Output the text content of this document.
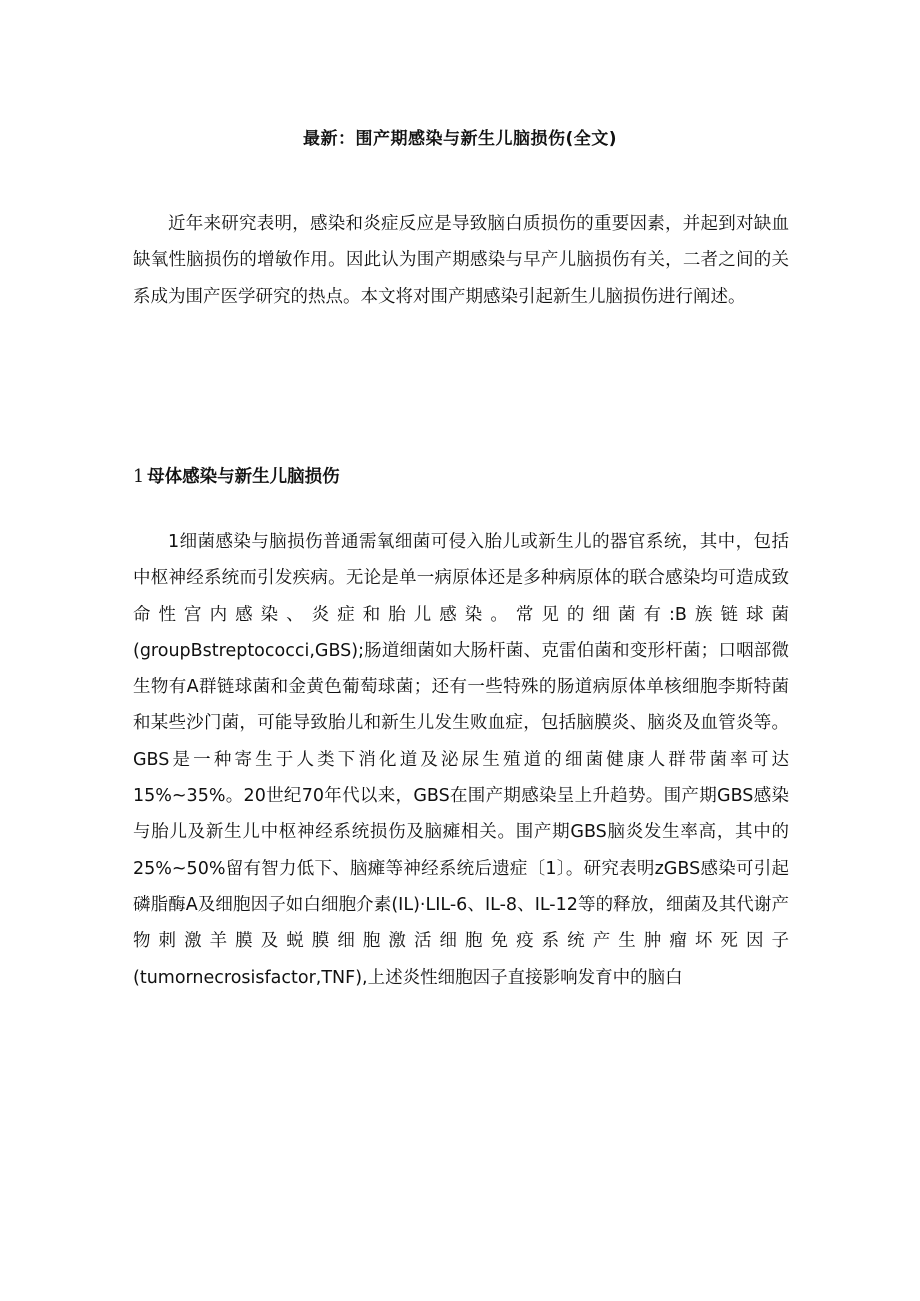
最新：围产期感染与新生儿脑损伤(全文)

近年来研究表明，感染和炎症反应是导致脑白质损伤的重要因素，并起到对缺血缺氧性脑损伤的增敏作用。因此认为围产期感染与早产儿脑损伤有关，二者之间的关系成为围产医学研究的热点。本文将对围产期感染引起新生儿脑损伤进行阐述。

1 母体感染与新生儿脑损伤

1细菌感染与脑损伤普通需氧细菌可侵入胎儿或新生儿的器官系统，其中，包括中枢神经系统而引发疾病。无论是单一病原体还是多种病原体的联合感染均可造成致命性宫内感染、炎症和胎儿感染。常见的细菌有:B族链球菌(groupBstreptococci,GBS);肠道细菌如大肠杆菌、克雷伯菌和变形杆菌；口咽部微生物有A群链球菌和金黄色葡萄球菌；还有一些特殊的肠道病原体单核细胞李斯特菌和某些沙门菌，可能导致胎儿和新生儿发生败血症，包括脑膜炎、脑炎及血管炎等。GBS是一种寄生于人类下消化道及泌尿生殖道的细菌健康人群带菌率可达15%~35%。20世纪70年代以来，GBS在围产期感染呈上升趋势。围产期GBS感染与胎儿及新生儿中枢神经系统损伤及脑瘫相关。围产期GBS脑炎发生率高，其中的25%~50%留有智力低下、脑瘫等神经系统后遗症〔1〕。研究表明zGBS感染可引起磷脂酶A及细胞因子如白细胞介素(IL)·LIL-6、IL-8、IL-12等的释放，细菌及其代谢产物刺激羊膜及蜕膜细胞激活细胞免疫系统产生肿瘤坏死因子(tumornecrosisfactor,TNF),上述炎性细胞因子直接影响发育中的脑白
